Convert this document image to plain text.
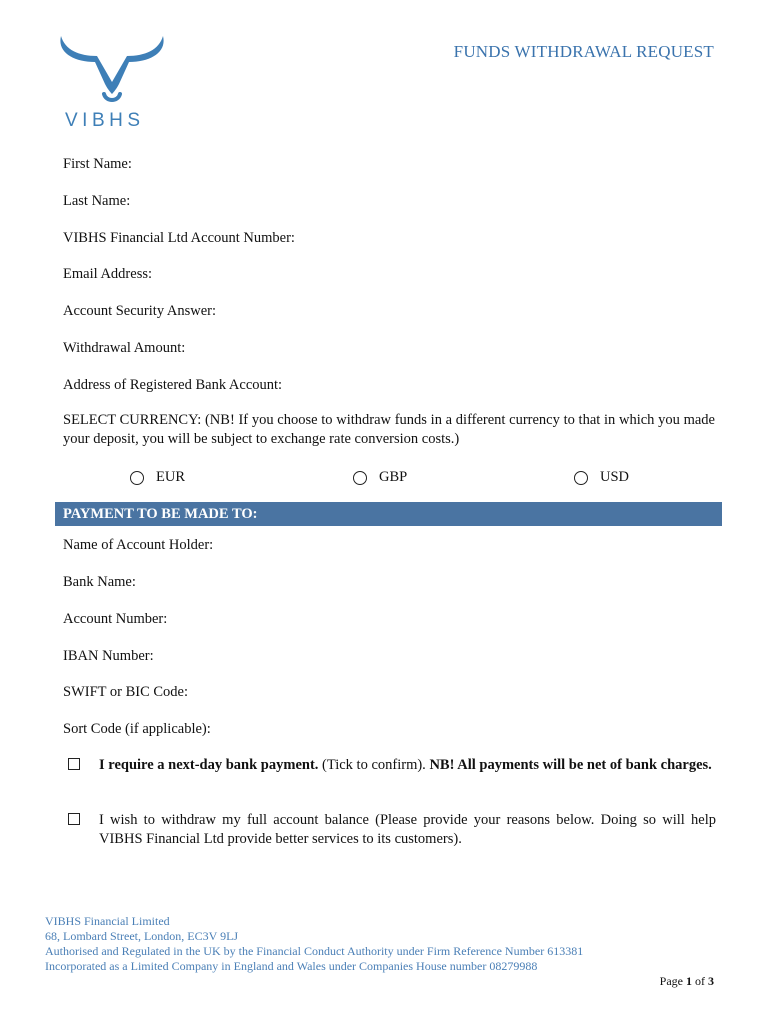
VIBHS
FUNDS WITHDRAWAL REQUEST
First Name:
Last Name:
VIBHS Financial Ltd Account Number:
Email Address:
Account Security Answer:
Withdrawal Amount:
Address of Registered Bank Account:
SELECT CURRENCY: (NB! If you choose to withdraw funds in a different currency to that in which you made your deposit, you will be subject to exchange rate conversion costs.)
EUR	GBP	USD
PAYMENT TO BE MADE TO:
Name of Account Holder:
Bank Name:
Account Number:
IBAN Number:
SWIFT or BIC Code:
Sort Code (if applicable):
I require a next-day bank payment. (Tick to confirm). NB! All payments will be net of bank charges.
I wish to withdraw my full account balance (Please provide your reasons below. Doing so will help VIBHS Financial Ltd provide better services to its customers).
VIBHS Financial Limited
68, Lombard Street, London, EC3V 9LJ
Authorised and Regulated in the UK by the Financial Conduct Authority under Firm Reference Number 613381
Incorporated as a Limited Company in England and Wales under Companies House number 08279988
Page 1 of 3
